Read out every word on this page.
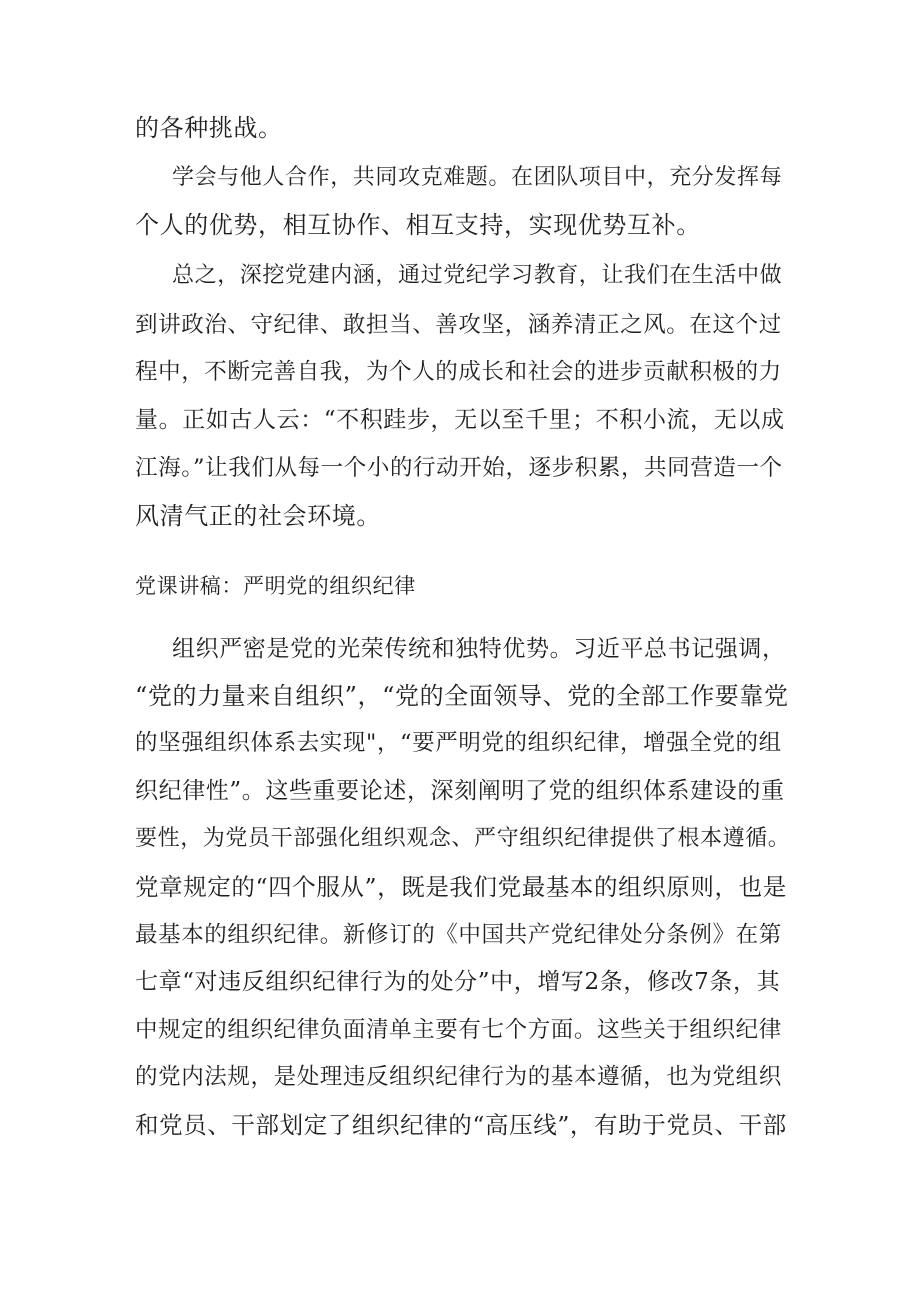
的各种挑战。
学会与他人合作，共同攻克难题。在团队项目中，充分发挥每
个人的优势，相互协作、相互支持，实现优势互补。
总之，深挖党建内涵，通过党纪学习教育，让我们在生活中做
到讲政治、守纪律、敢担当、善攻坚，涵养清正之风。在这个过
程中，不断完善自我，为个人的成长和社会的进步贡献积极的力
量。正如古人云：“不积跬步，无以至千里；不积小流，无以成
江海。”让我们从每一个小的行动开始，逐步积累，共同营造一个
风清气正的社会环境。
党课讲稿：严明党的组织纪律
组织严密是党的光荣传统和独特优势。习近平总书记强调，
“党的力量来自组织”，“党的全面领导、党的全部工作要靠党
的坚强组织体系去实现"，“要严明党的组织纪律，增强全党的组
织纪律性”。这些重要论述，深刻阐明了党的组织体系建设的重
要性，为党员干部强化组织观念、严守组织纪律提供了根本遵循。
党章规定的“四个服从”，既是我们党最基本的组织原则，也是
最基本的组织纪律。新修订的《中国共产党纪律处分条例》在第
七章“对违反组织纪律行为的处分”中，增写2条，修改7条，其
中规定的组织纪律负面清单主要有七个方面。这些关于组织纪律
的党内法规，是处理违反组织纪律行为的基本遵循，也为党组织
和党员、干部划定了组织纪律的“高压线”，有助于党员、干部
